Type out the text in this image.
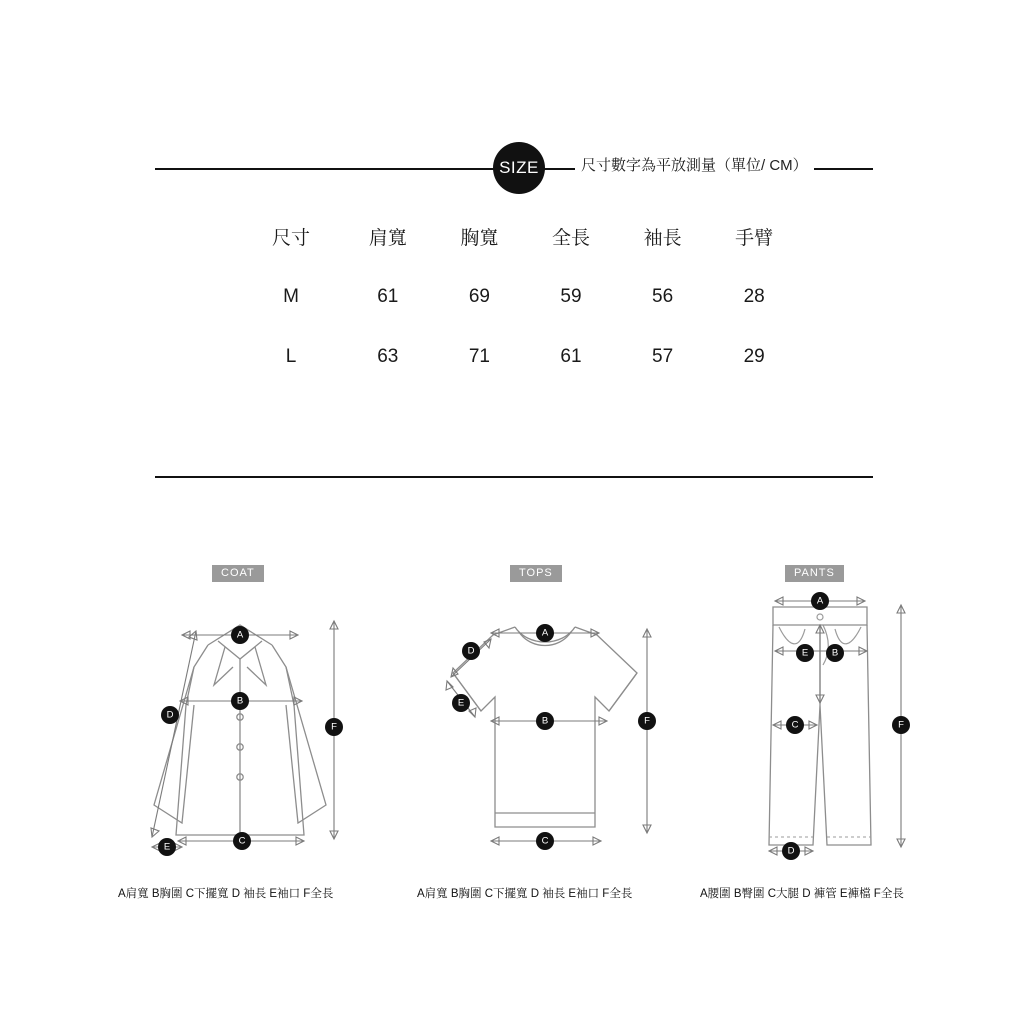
SIZE	尺寸數字為平放測量（單位/ CM）
尺寸	肩寬	胸寬	全長	袖長	手臂
M	61	69	59	56	28
L	63	71	61	57	29
COAT
A
B
C
D
E
F
A肩寬 B胸圍 C下擺寬 D 袖長 E袖口 F全長
TOPS
A
D
E
B
C
F
A肩寬 B胸圍 C下擺寬 D 袖長 E袖口 F全長
PANTS
A
E B
C
D
F
A腰圍 B臀圍 C大腿 D 褲管 E褲檔 F全長
